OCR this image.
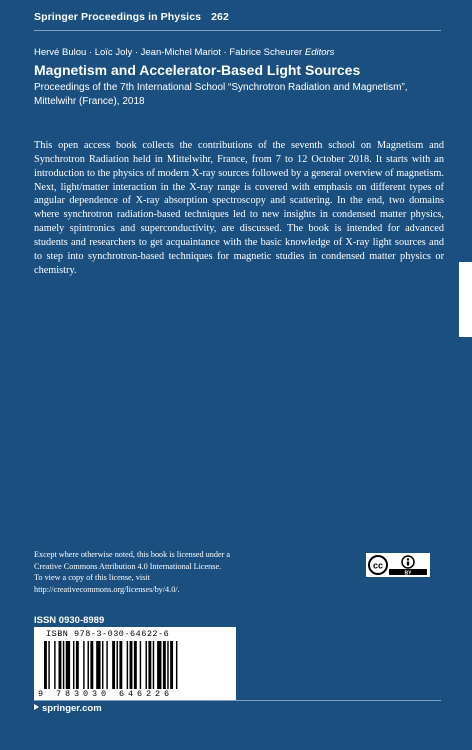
Springer Proceedings in Physics 262
Hervé Bulou · Loïc Joly · Jean-Michel Mariot · Fabrice Scheurer Editors
Magnetism and Accelerator-Based Light Sources
Proceedings of the 7th International School “Synchrotron Radiation and Magnetism”, Mittelwihr (France), 2018
This open access book collects the contributions of the seventh school on Magnetism and Synchrotron Radiation held in Mittelwihr, France, from 7 to 12 October 2018. It starts with an introduction to the physics of modern X-ray sources followed by a general overview of magnetism. Next, light/matter interaction in the X-ray range is covered with emphasis on different types of angular dependence of X-ray absorption spectroscopy and scattering. In the end, two domains where synchrotron radiation-based techniques led to new insights in condensed matter physics, namely spintronics and superconductivity, are discussed. The book is intended for advanced students and researchers to get acquaintance with the basic knowledge of X-ray light sources and to step into synchrotron-based techniques for magnetic studies in condensed matter physics or chemistry.
Except where otherwise noted, this book is licensed under a
Creative Commons Attribution 4.0 International License.
To view a copy of this license, visit
http://creativecommons.org/licenses/by/4.0/.
cc
BY
ISSN 0930-8989
ISBN 978-3-030-64622-6
9 783030 646226
springer.com
